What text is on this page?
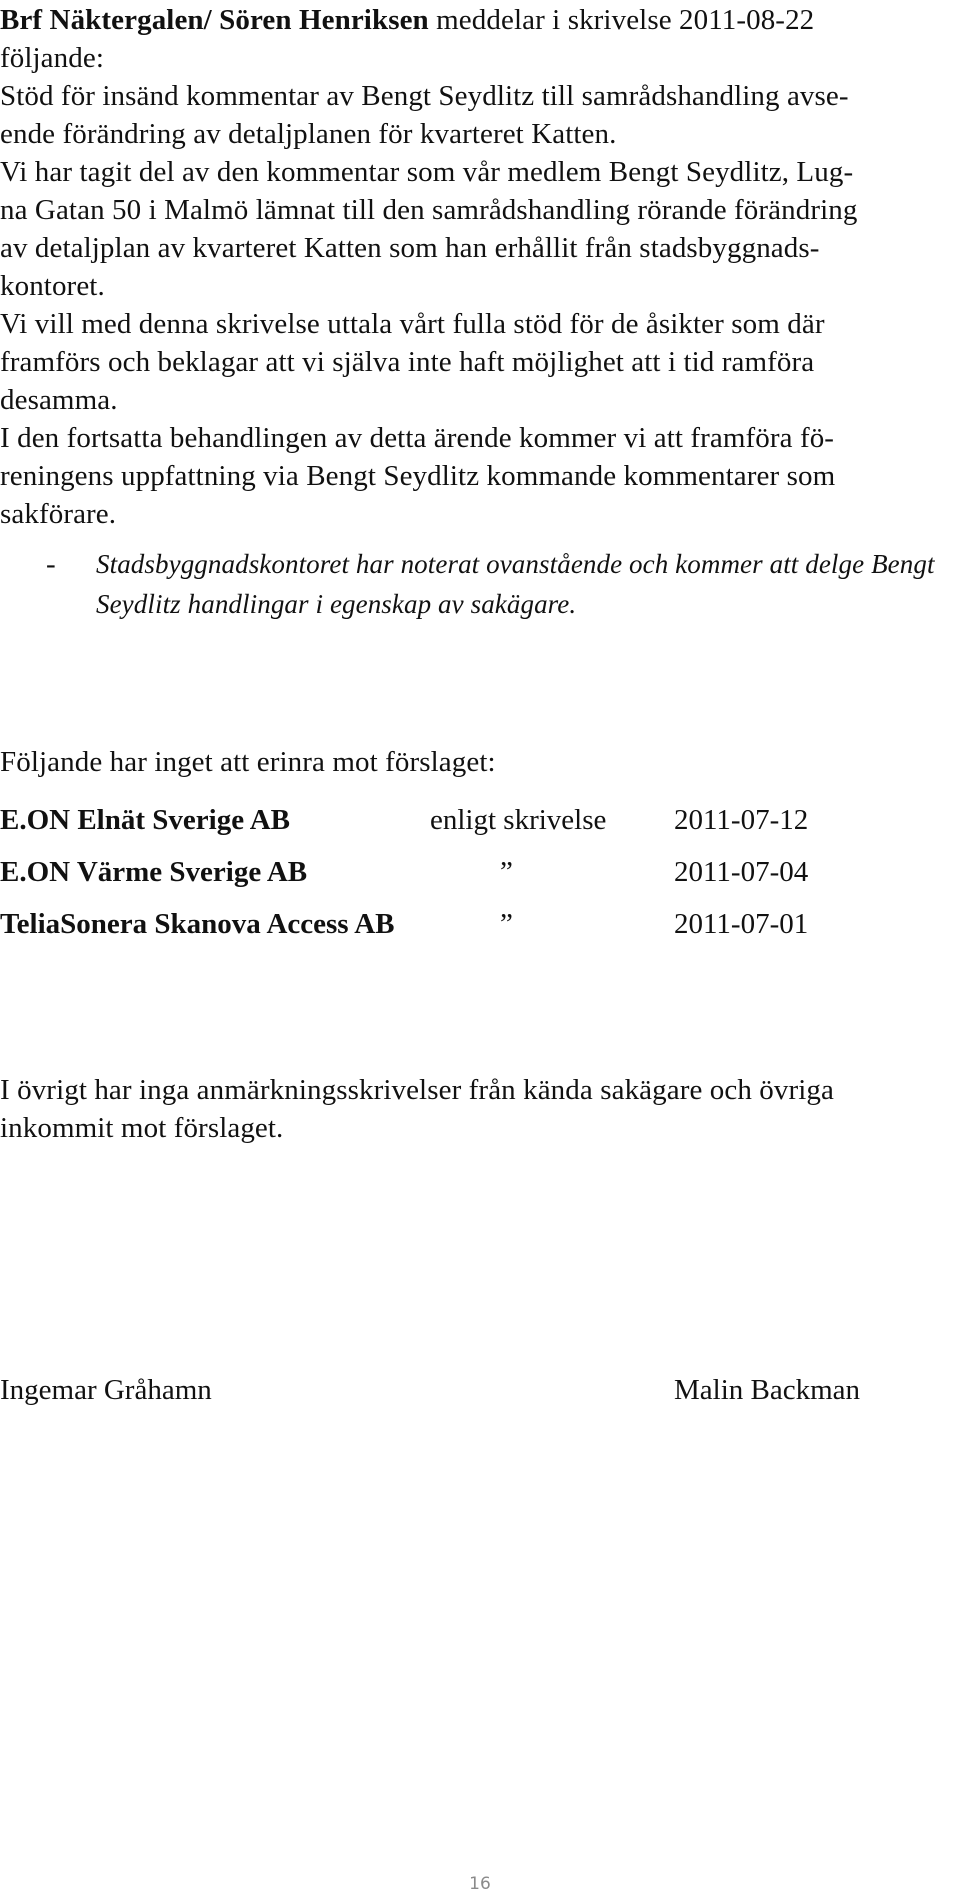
Brf Näktergalen/ Sören Henriksen meddelar i skrivelse 2011-08-22
följande:
Stöd för insänd kommentar av Bengt Seydlitz till samrådshandling avse-
ende förändring av detaljplanen för kvarteret Katten.
Vi har tagit del av den kommentar som vår medlem Bengt Seydlitz, Lug-
na Gatan 50 i Malmö lämnat till den samrådshandling rörande förändring
av detaljplan av kvarteret Katten som han erhållit från stadsbyggnads-
kontoret.
Vi vill med denna skrivelse uttala vårt fulla stöd för de åsikter som där
framförs och beklagar att vi själva inte haft möjlighet att i tid ramföra
desamma.
I den fortsatta behandlingen av detta ärende kommer vi att framföra fö-
reningens uppfattning via Bengt Seydlitz kommande kommentarer som
sakförare.
- Stadsbyggnadskontoret har noterat ovanstående och kommer att delge Bengt
Seydlitz handlingar i egenskap av sakägare.
Följande har inget att erinra mot förslaget:
E.ON Elnät Sverige AB	enligt skrivelse 2011-07-12
E.ON Värme Sverige AB	”	2011-07-04
TeliaSonera Skanova Access AB	”	2011-07-01
I övrigt har inga anmärkningsskrivelser från kända sakägare och övriga
inkommit mot förslaget.
Ingemar Gråhamn	Malin Backman
16
